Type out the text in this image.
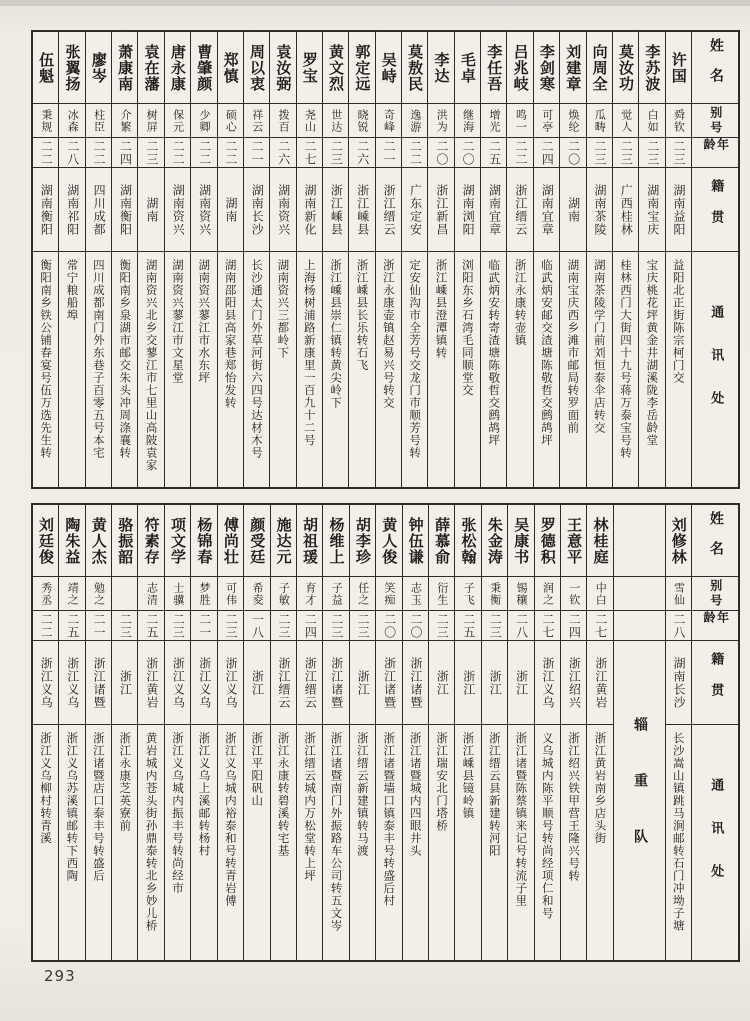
姓名
别号
年龄
籍贯
通讯处
许国
舜钦
二三
湖南益阳
益阳北正街陈宗柯门交
李苏波
白如
二三
湖南宝庆
宝庆桃花坪黄金井湖溪陇李岳龄堂
莫汝功
觉人
二三
广西桂林
桂林西门大街四十九号蒋万泰宝号转
向周全
瓜畴
二三
湖南茶陵
湖南茶陵学门前刘恒泰伞店转交
刘建章
焕纶
二〇
湖南
湖南宝庆西乡滩市邮局转罗面前
李剑寒
可亭
二四
湖南宜章
临武炳安邮交渣塘陈敬哲交鹧鸪坪
吕兆岐
鸣一
二二
浙江缙云
浙江永康转壶镇
李任吾
增光
二五
湖南宜章
临武炳安转寄渣塘陈敬哲交鹧鸪坪
毛卓
继海
二〇
湖南浏阳
浏阳东乡石湾毛同顺堂交
李达
洪为
二〇
浙江新昌
浙江嵊县澄潭镇转
莫敖民
逸游
二二
广东定安
定安仙沟市全芳号交龙门市顺芳号转
吴峙
奇峰
二一
浙江缙云
浙江永康壶镇赵易兴号转交
郭定远
晓锐
二六
浙江嵊县
浙江嵊县长乐转石飞
黄文烈
世达
二三
浙江嵊县
浙江嵊县崇仁镇转黄尖岭下
罗宝
尧山
二七
湖南新化
上海杨树浦路新康里一百九十二号
袁汝弼
拨百
二六
湖南资兴
湖南资兴三都岭下
周以衷
祥云
二一
湖南长沙
长沙通太门外草河街六四号达材木号
郑慎
硕心
二二
湖南
湖南邵阳县高家巷郑怡发转
曹肇颜
少卿
二二
湖南资兴
湖南资兴蓼江市水东坪
唐永康
保元
二二
湖南资兴
湖南资兴蓼江市文星堂
袁在藩
树屏
二三
湖南
湖南资兴北乡交蓼江市七里山高陂袁家
萧康南
介繁
二四
湖南衡阳
衡阳南乡泉湖市邮交朱头冲周涤襄转
廖岑
柱臣
二二
四川成都
四川成都南门外东巷子百零五号本宅
张翼扬
冰森
二八
湖南祁阳
常宁粮船埠
伍魁
秉规
二二
湖南衡阳
衡阳南乡铁公铺春宴号伍万选先生转
姓名
别号
年龄
籍贯
通讯处
刘修林
雪仙
二八
湖南长沙
长沙嵩山镇跳马涧邮转石门冲坳子塘
辎重队
林桂庭
中白
二七
浙江黄岩
浙江黄岩南乡店头街
王意平
一钦
二四
浙江绍兴
浙江绍兴铁甲营王隆兴号转
罗德积
润之
二七
浙江义乌
义乌城内陈平顺号转尚经项仁和号
吴康书
锡穰
二八
浙江
浙江诸暨陈蔡镇来记号转流子里
朱金涛
秉衡
二三
浙江
浙江缙云县新建转河阳
张松翰
子飞
二五
浙江
浙江嵊县镜岭镇
薛慕俞
衍生
二三
浙江
浙江瑞安北门塔桥
钟伍谦
志玉
二〇
浙江诸暨
浙江诸暨城内四眼井头
黄人俊
笑痴
二〇
浙江诸暨
浙江诸暨墙口镇泰丰号转盛后村
胡李珍
任之
二三
浙江
浙江缙云新建镇转马渡
杨维上
子益
二三
浙江诸暨
浙江诸暨南门外振路车公司转五文岑
胡祖瑗
育才
二四
浙江缙云
浙江缙云城内万松堂转上坪
施达元
子敏
二三
浙江缙云
浙江永康转碧溪转宅基
颜受廷
希夌
一八
浙江
浙江平阳矾山
傅尚壮
可伟
二三
浙江义乌
浙江义乌城内裕泰和号转青岩傅
杨锦春
梦胜
二一
浙江义乌
浙江义乌上溪邮转杨村
项文学
士骥
二三
浙江义乌
浙江义乌城内振丰号转尚经市
符素存
志清
二五
浙江黄岩
黄岩城内苍头街孙鼎泰转北乡妙儿桥
骆振韶
二三
浙江
浙江永康芝英寮前
黄人杰
勉之
二一
浙江诸暨
浙江诸暨店口泰丰号转盛后
陶朱益
靖之
二五
浙江义乌
浙江义乌苏溪镇邮转下西陶
刘廷俊
秀丞
二二
浙江义乌
浙江义乌柳村转青溪
293
